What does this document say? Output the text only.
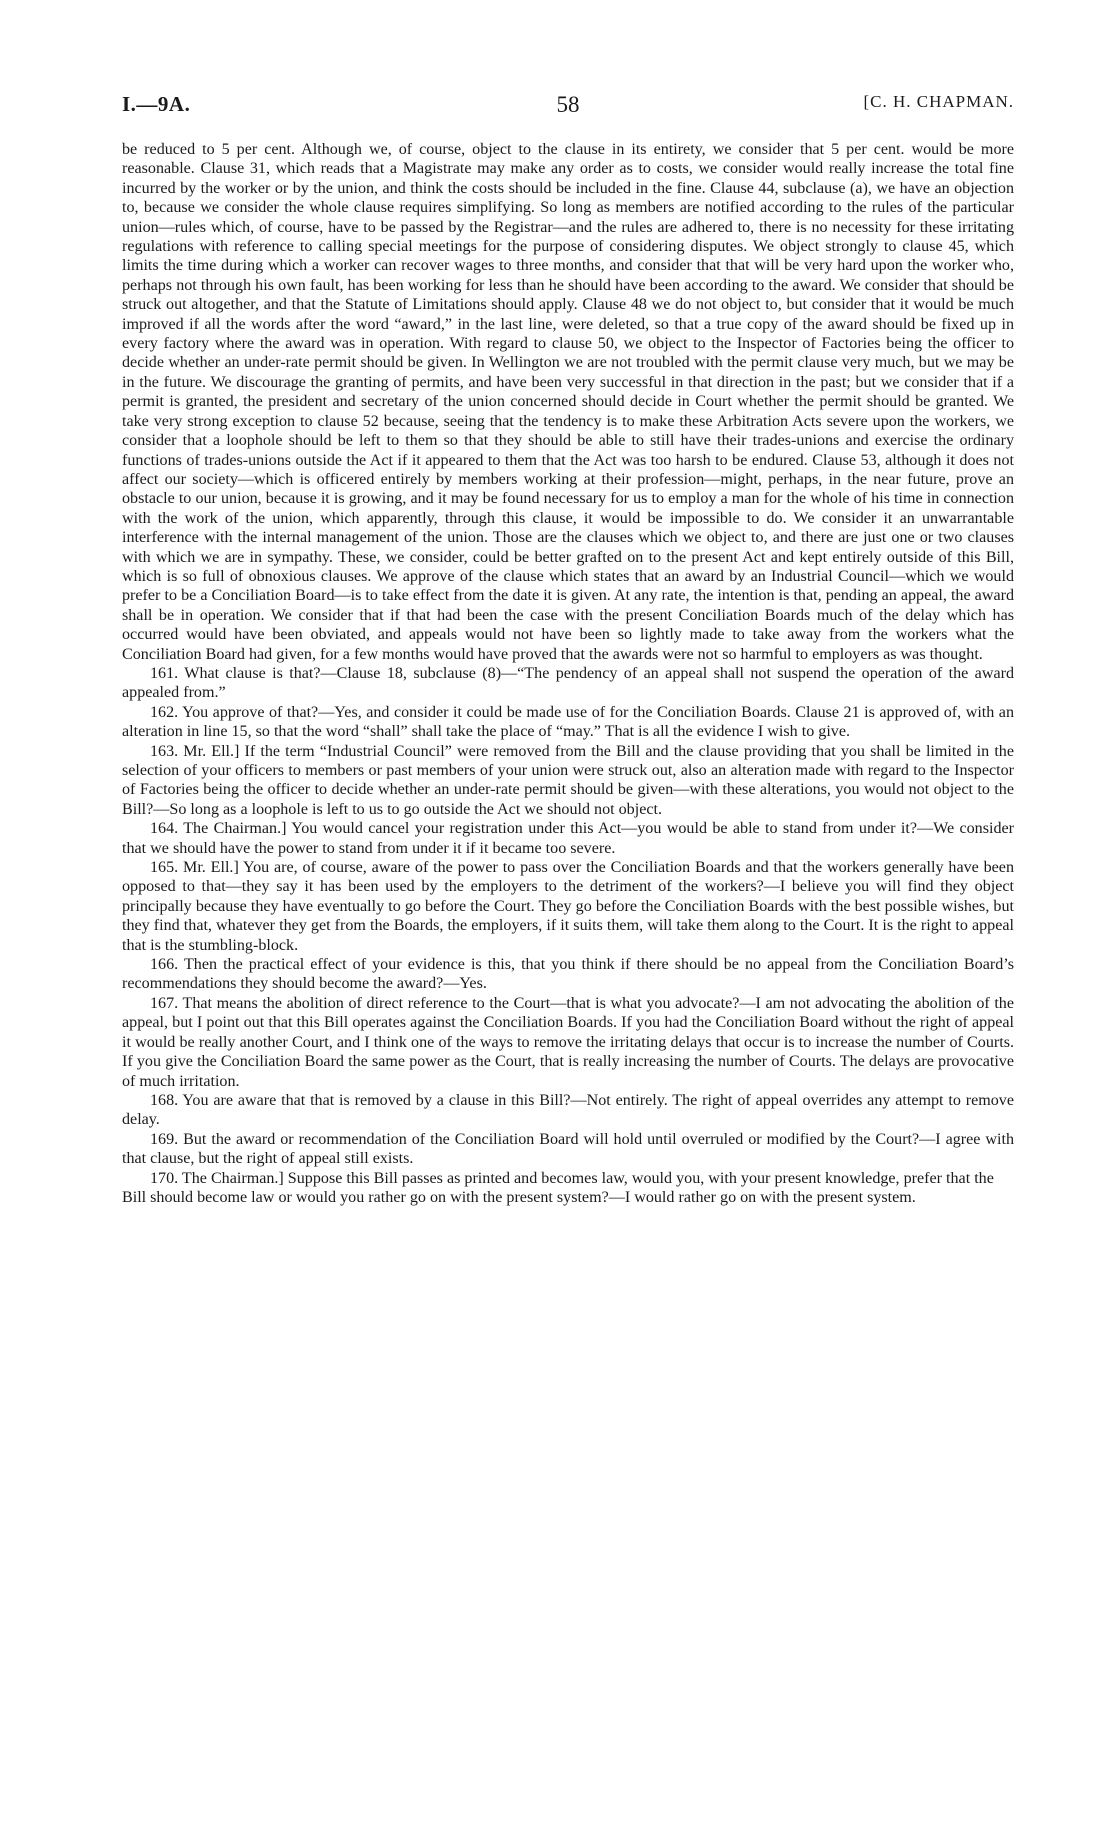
I.—9A.	58	[C. H. CHAPMAN.

be reduced to 5 per cent. Although we, of course, object to the clause in its entirety, we consider that 5 per cent. would be more reasonable. Clause 31, which reads that a Magistrate may make any order as to costs, we consider would really increase the total fine incurred by the worker or by the union, and think the costs should be included in the fine. Clause 44, subclause (a), we have an objection to, because we consider the whole clause requires simplifying. So long as members are notified according to the rules of the particular union—rules which, of course, have to be passed by the Registrar—and the rules are adhered to, there is no necessity for these irritating regulations with reference to calling special meetings for the purpose of considering disputes. We object strongly to clause 45, which limits the time during which a worker can recover wages to three months, and consider that that will be very hard upon the worker who, perhaps not through his own fault, has been working for less than he should have been according to the award. We consider that should be struck out altogether, and that the Statute of Limitations should apply. Clause 48 we do not object to, but consider that it would be much improved if all the words after the word “award,” in the last line, were deleted, so that a true copy of the award should be fixed up in every factory where the award was in operation. With regard to clause 50, we object to the Inspector of Factories being the officer to decide whether an under-rate permit should be given. In Wellington we are not troubled with the permit clause very much, but we may be in the future. We discourage the granting of permits, and have been very successful in that direction in the past; but we consider that if a permit is granted, the president and secretary of the union concerned should decide in Court whether the permit should be granted. We take very strong exception to clause 52 because, seeing that the tendency is to make these Arbitration Acts severe upon the workers, we consider that a loophole should be left to them so that they should be able to still have their trades-unions and exercise the ordinary functions of trades-unions outside the Act if it appeared to them that the Act was too harsh to be endured. Clause 53, although it does not affect our society—which is officered entirely by members working at their profession—might, perhaps, in the near future, prove an obstacle to our union, because it is growing, and it may be found necessary for us to employ a man for the whole of his time in connection with the work of the union, which apparently, through this clause, it would be impossible to do. We consider it an unwarrantable interference with the internal management of the union. Those are the clauses which we object to, and there are just one or two clauses with which we are in sympathy. These, we consider, could be better grafted on to the present Act and kept entirely outside of this Bill, which is so full of obnoxious clauses. We approve of the clause which states that an award by an Industrial Council—which we would prefer to be a Conciliation Board—is to take effect from the date it is given. At any rate, the intention is that, pending an appeal, the award shall be in operation. We consider that if that had been the case with the present Conciliation Boards much of the delay which has occurred would have been obviated, and appeals would not have been so lightly made to take away from the workers what the Conciliation Board had given, for a few months would have proved that the awards were not so harmful to employers as was thought.

161. What clause is that?—Clause 18, subclause (8)—“The pendency of an appeal shall not suspend the operation of the award appealed from.”

162. You approve of that?—Yes, and consider it could be made use of for the Conciliation Boards. Clause 21 is approved of, with an alteration in line 15, so that the word “shall” shall take the place of “may.” That is all the evidence I wish to give.

163. Mr. Ell.] If the term “Industrial Council” were removed from the Bill and the clause providing that you shall be limited in the selection of your officers to members or past members of your union were struck out, also an alteration made with regard to the Inspector of Factories being the officer to decide whether an under-rate permit should be given—with these alterations, you would not object to the Bill?—So long as a loophole is left to us to go outside the Act we should not object.

164. The Chairman.] You would cancel your registration under this Act—you would be able to stand from under it?—We consider that we should have the power to stand from under it if it became too severe.

165. Mr. Ell.] You are, of course, aware of the power to pass over the Conciliation Boards and that the workers generally have been opposed to that—they say it has been used by the employers to the detriment of the workers?—I believe you will find they object principally because they have eventually to go before the Court. They go before the Conciliation Boards with the best possible wishes, but they find that, whatever they get from the Boards, the employers, if it suits them, will take them along to the Court. It is the right to appeal that is the stumbling-block.

166. Then the practical effect of your evidence is this, that you think if there should be no appeal from the Conciliation Board’s recommendations they should become the award?—Yes.

167. That means the abolition of direct reference to the Court—that is what you advocate?—I am not advocating the abolition of the appeal, but I point out that this Bill operates against the Conciliation Boards. If you had the Conciliation Board without the right of appeal it would be really another Court, and I think one of the ways to remove the irritating delays that occur is to increase the number of Courts. If you give the Conciliation Board the same power as the Court, that is really increasing the number of Courts. The delays are provocative of much irritation.

168. You are aware that that is removed by a clause in this Bill?—Not entirely. The right of appeal overrides any attempt to remove delay.

169. But the award or recommendation of the Conciliation Board will hold until overruled or modified by the Court?—I agree with that clause, but the right of appeal still exists.

170. The Chairman.] Suppose this Bill passes as printed and becomes law, would you, with your present knowledge, prefer that the Bill should become law or would you rather go on with the present system?—I would rather go on with the present system.
